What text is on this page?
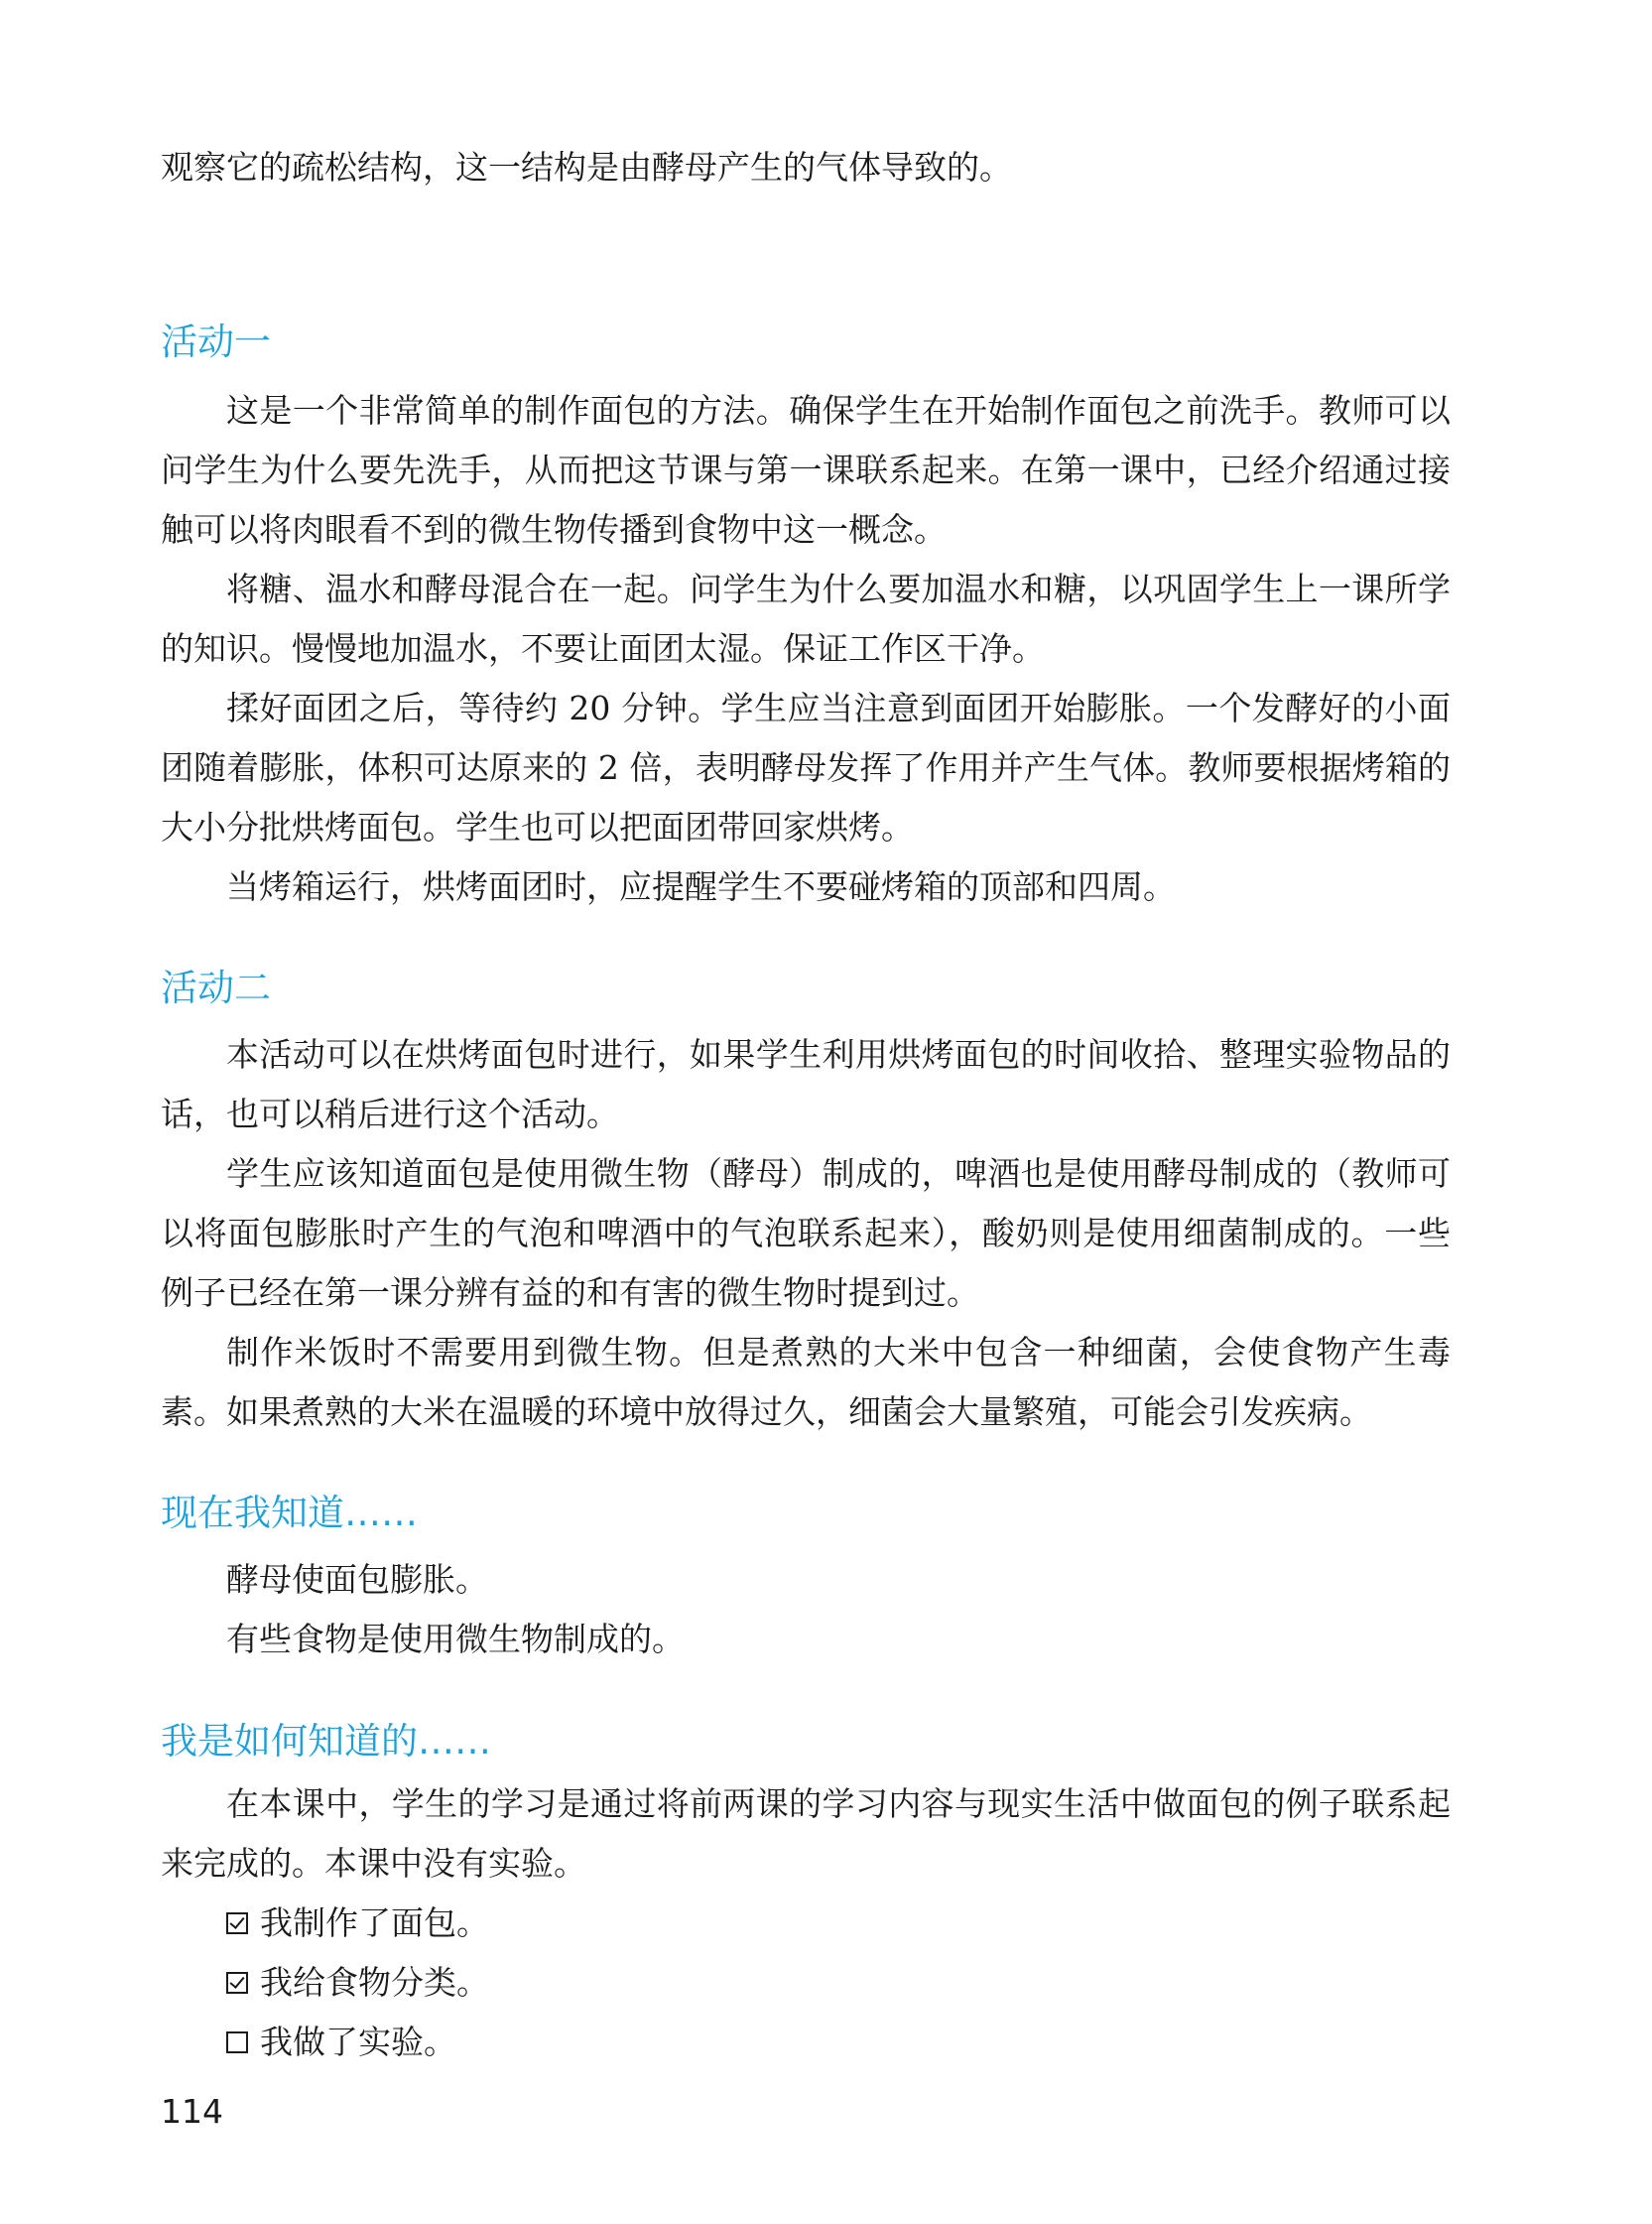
观察它的疏松结构，这一结构是由酵母产生的气体导致的。

活动一

这是一个非常简单的制作面包的方法。确保学生在开始制作面包之前洗手。教师可以问学生为什么要先洗手，从而把这节课与第一课联系起来。在第一课中，已经介绍通过接触可以将肉眼看不到的微生物传播到食物中这一概念。

将糖、温水和酵母混合在一起。问学生为什么要加温水和糖，以巩固学生上一课所学的知识。慢慢地加温水，不要让面团太湿。保证工作区干净。

揉好面团之后，等待约 20 分钟。学生应当注意到面团开始膨胀。一个发酵好的小面团随着膨胀，体积可达原来的 2 倍，表明酵母发挥了作用并产生气体。教师要根据烤箱的大小分批烘烤面包。学生也可以把面团带回家烘烤。

当烤箱运行，烘烤面团时，应提醒学生不要碰烤箱的顶部和四周。

活动二

本活动可以在烘烤面包时进行，如果学生利用烘烤面包的时间收拾、整理实验物品的话，也可以稍后进行这个活动。

学生应该知道面包是使用微生物（酵母）制成的，啤酒也是使用酵母制成的（教师可以将面包膨胀时产生的气泡和啤酒中的气泡联系起来），酸奶则是使用细菌制成的。一些例子已经在第一课分辨有益的和有害的微生物时提到过。

制作米饭时不需要用到微生物。但是煮熟的大米中包含一种细菌，会使食物产生毒素。如果煮熟的大米在温暖的环境中放得过久，细菌会大量繁殖，可能会引发疾病。

现在我知道……

酵母使面包膨胀。

有些食物是使用微生物制成的。

我是如何知道的……

在本课中，学生的学习是通过将前两课的学习内容与现实生活中做面包的例子联系起来完成的。本课中没有实验。

我制作了面包。
我给食物分类。
我做了实验。
114
